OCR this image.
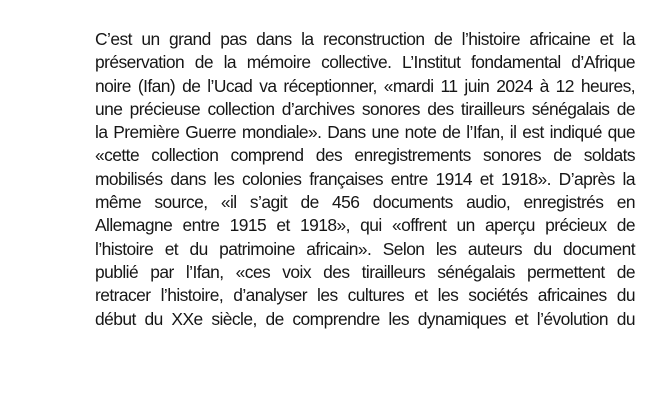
C’est un grand pas dans la reconstruction de l’histoire africaine et la
préservation de la mémoire collective. L’Institut fondamental d’Afrique
noire (Ifan) de l’Ucad va réceptionner, «mardi 11 juin 2024 à 12 heures,
une précieuse collection d’archives sonores des tirailleurs sénégalais de
la Première Guerre mondiale». Dans une note de l’Ifan, il est indiqué que
«cette collection comprend des enregistrements sonores de soldats
mobilisés dans les colonies françaises entre 1914 et 1918». D’après la
même source, «il s’agit de 456 documents audio, enregistrés en
Allemagne entre 1915 et 1918», qui «offrent un aperçu précieux de
l’histoire et du patrimoine africain». Selon les auteurs du document
publié par l’Ifan, «ces voix des tirailleurs sénégalais permettent de
retracer l’histoire, d’analyser les cultures et les sociétés africaines du
début du XXe siècle, de comprendre les dynamiques et l’évolution du
